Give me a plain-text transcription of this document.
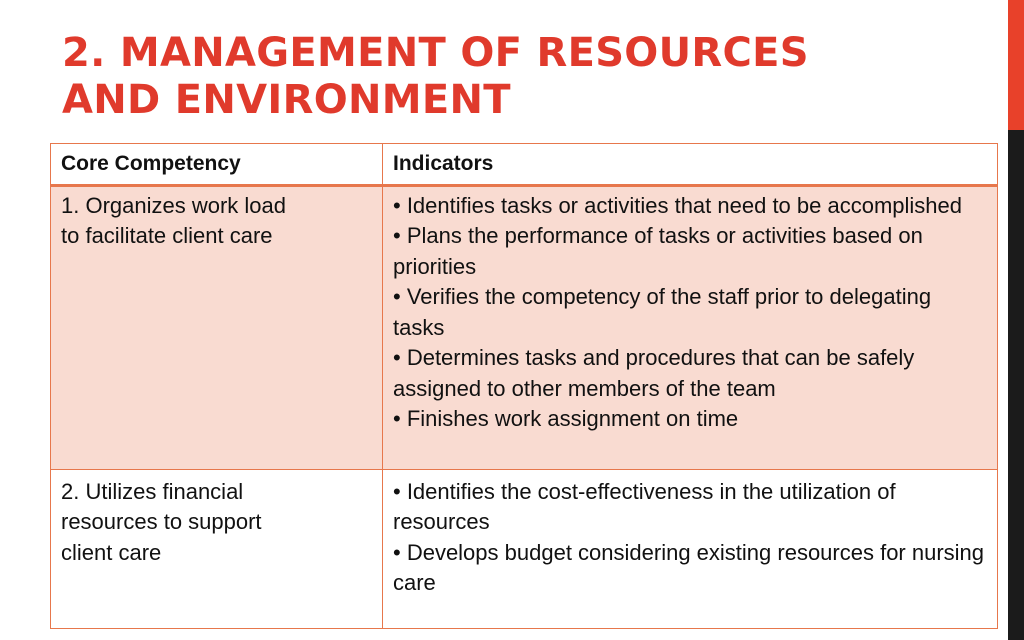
2. MANAGEMENT OF RESOURCES
AND ENVIRONMENT
Core Competency	Indicators

1. Organizes work load
to facilitate client care	• Identifies tasks or activities that need to be accomplished
• Plans the performance of tasks or activities based on priorities
• Verifies the competency of the staff prior to delegating tasks
• Determines tasks and procedures that can be safely assigned to other members of the team
• Finishes work assignment on time

2. Utilizes financial
resources to support
client care	• Identifies the cost-effectiveness in the utilization of resources
• Develops budget considering existing resources for nursing care
